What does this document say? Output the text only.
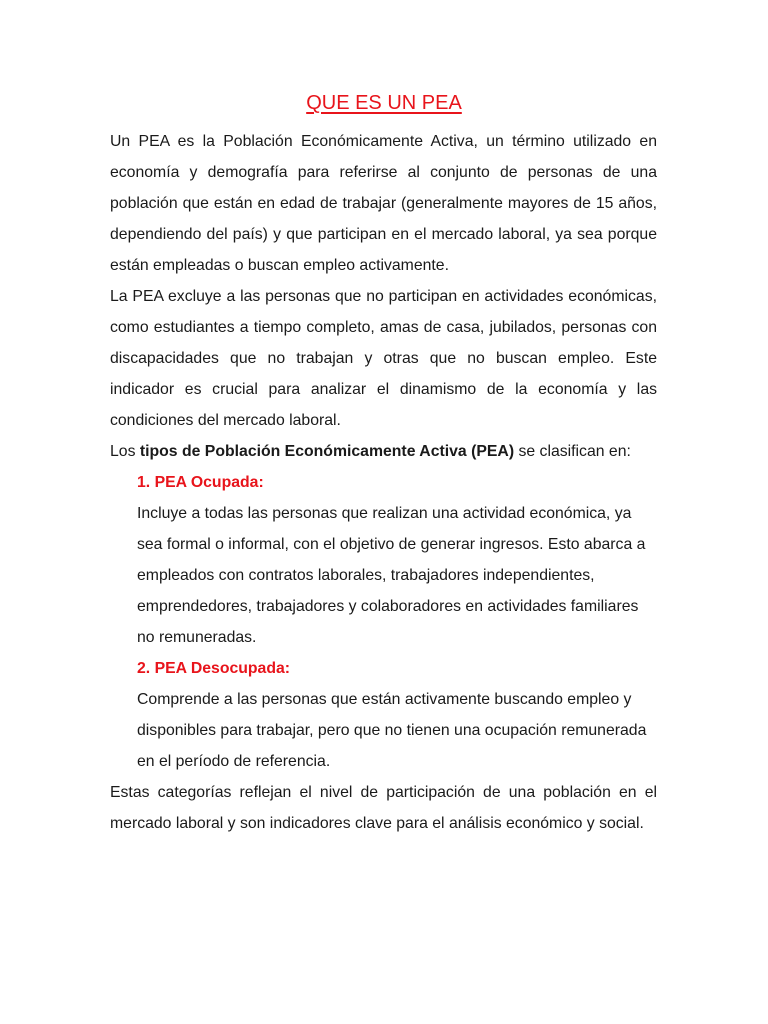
QUE ES UN PEA

Un PEA es la Población Económicamente Activa, un término utilizado en economía y demografía para referirse al conjunto de personas de una población que están en edad de trabajar (generalmente mayores de 15 años, dependiendo del país) y que participan en el mercado laboral, ya sea porque están empleadas o buscan empleo activamente.

La PEA excluye a las personas que no participan en actividades económicas, como estudiantes a tiempo completo, amas de casa, jubilados, personas con discapacidades que no trabajan y otras que no buscan empleo. Este indicador es crucial para analizar el dinamismo de la economía y las condiciones del mercado laboral.

Los tipos de Población Económicamente Activa (PEA) se clasifican en:

1. PEA Ocupada:

Incluye a todas las personas que realizan una actividad económica, ya sea formal o informal, con el objetivo de generar ingresos. Esto abarca a empleados con contratos laborales, trabajadores independientes, emprendedores, trabajadores y colaboradores en actividades familiares no remuneradas.

2. PEA Desocupada:

Comprende a las personas que están activamente buscando empleo y disponibles para trabajar, pero que no tienen una ocupación remunerada en el período de referencia.

Estas categorías reflejan el nivel de participación de una población en el mercado laboral y son indicadores clave para el análisis económico y social.
